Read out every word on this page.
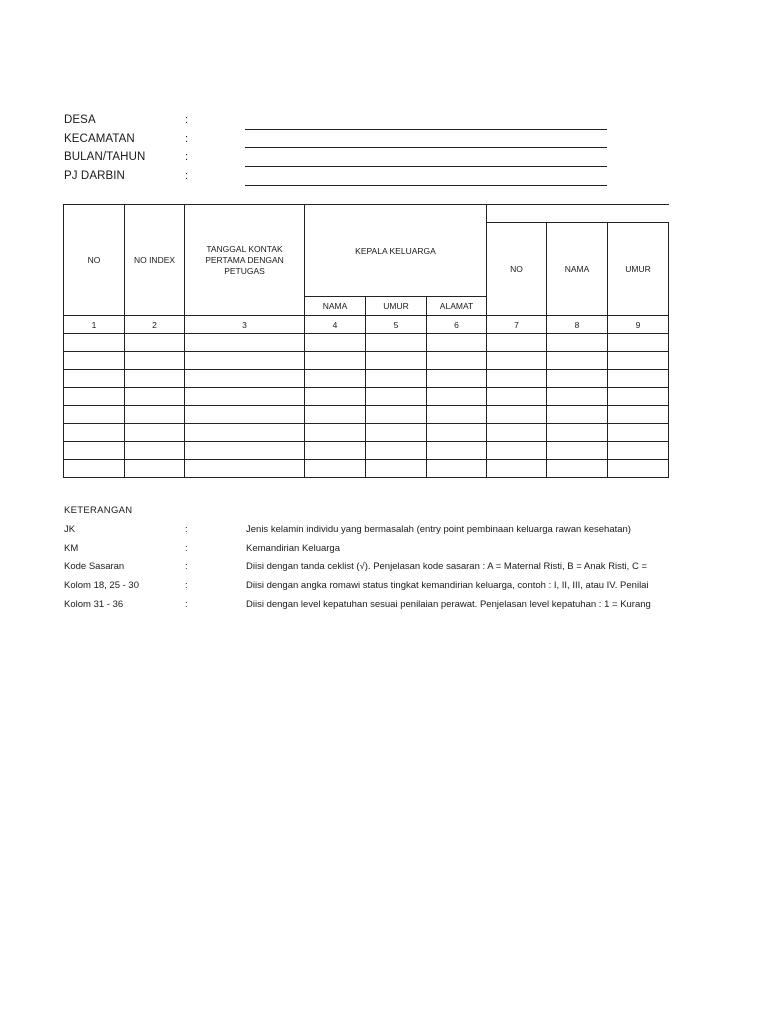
DESA	:
KECAMATAN	:
BULAN/TAHUN	:
PJ DARBIN	:
NO	NO INDEX	TANGGAL KONTAK PERTAMA DENGAN PETUGAS	KEPALA KELUARGA					
						NO	NAMA	UMUR
			NAMA	UMUR	ALAMAT			
1	2	3	4	5	6	7	8	9

KETERANGAN
JK	:	Jenis kelamin individu yang bermasalah (entry point pembinaan keluarga rawan kesehatan)
KM	:	Kemandirian Keluarga
Kode Sasaran	:	Diisi dengan tanda ceklist (√). Penjelasan kode sasaran : A = Maternal Risti, B = Anak Risti, C =
Kolom 18, 25 - 30	:	Diisi dengan angka romawi status tingkat kemandirian keluarga, contoh : I, II, III, atau IV. Penilai
Kolom 31 - 36	:	Diisi dengan level kepatuhan sesuai penilaian perawat. Penjelasan level kepatuhan : 1 = Kurang
